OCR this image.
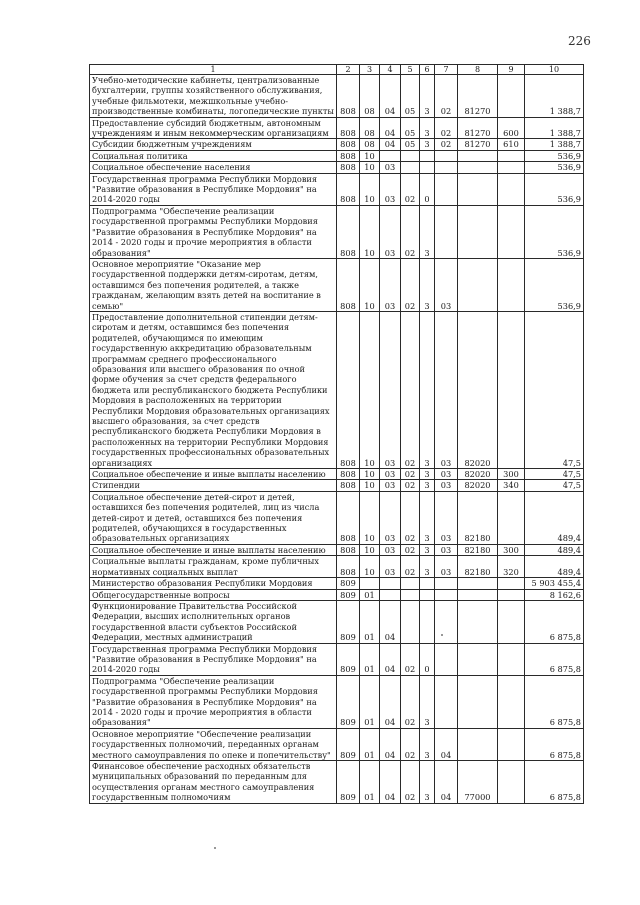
226
1	2	3	4	5	6	7	8	9	10
Учебно-методические кабинеты, централизованные бухгалтерии, группы хозяйственного обслуживания, учебные фильмотеки, межшкольные учебно-производственные комбинаты, логопедические пункты	808	08	04	05	3	02	81270		1 388,7
Предоставление субсидий бюджетным, автономным учреждениям и иным некоммерческим организациям	808	08	04	05	3	02	81270	600	1 388,7
Субсидии бюджетным учреждениям	808	08	04	05	3	02	81270	610	1 388,7
Социальная политика	808	10							536,9
Социальное обеспечение населения	808	10	03						536,9
Государственная программа Республики Мордовия "Развитие образования в Республике Мордовия" на 2014-2020 годы	808	10	03	02	0				536,9
Подпрограмма "Обеспечение реализации государственной программы Республики Мордовия "Развитие образования в Республике Мордовия" на 2014 - 2020 годы и прочие мероприятия в области образования"	808	10	03	02	3				536,9
Основное мероприятие "Оказание мер государственной поддержки детям-сиротам, детям, оставшимся без попечения родителей, а также гражданам, желающим взять детей на воспитание в семью"	808	10	03	02	3	03			536,9
Предоставление дополнительной стипендии детям-сиротам и детям, оставшимся без попечения родителей, обучающимся по имеющим государственную аккредитацию образовательным программам среднего профессионального образования или высшего образования по очной форме обучения за счет средств федерального бюджета или республиканского бюджета Республики Мордовия в расположенных на территории Республики Мордовия образовательных организациях высшего образования, за счет средств республиканского бюджета Республики Мордовия в расположенных на территории Республики Мордовия государственных профессиональных образовательных организациях	808	10	03	02	3	03	82020		47,5
Социальное обеспечение и иные выплаты населению	808	10	03	02	3	03	82020	300	47,5
Стипендии	808	10	03	02	3	03	82020	340	47,5
Социальное обеспечение детей-сирот и детей, оставшихся без попечения родителей, лиц из числа детей-сирот и детей, оставшихся без попечения родителей, обучающихся в государственных образовательных организациях	808	10	03	02	3	03	82180		489,4
Социальное обеспечение и иные выплаты населению	808	10	03	02	3	03	82180	300	489,4
Социальные выплаты гражданам, кроме публичных нормативных социальных выплат	808	10	03	02	3	03	82180	320	489,4
Министерство образования Республики Мордовия	809								5 903 455,4
Общегосударственные вопросы	809	01							8 162,6
Функционирование Правительства Российской Федерации, высших исполнительных органов государственной власти субъектов Российской Федерации, местных администраций	809	01	04						6 875,8
Государственная программа Республики Мордовия "Развитие образования в Республике Мордовия" на 2014-2020 годы	809	01	04	02	0				6 875,8
Подпрограмма "Обеспечение реализации государственной программы Республики Мордовия "Развитие образования в Республике Мордовия" на 2014 - 2020 годы и прочие мероприятия в области образования"	809	01	04	02	3				6 875,8
Основное мероприятие "Обеспечение реализации государственных полномочий, переданных органам местного самоуправления по опеке и попечительству"	809	01	04	02	3	04			6 875,8
Финансовое обеспечение расходных обязательств муниципальных образований по переданным для осуществления органам местного самоуправления государственным полномочиям	809	01	04	02	3	04	77000		6 875,8
